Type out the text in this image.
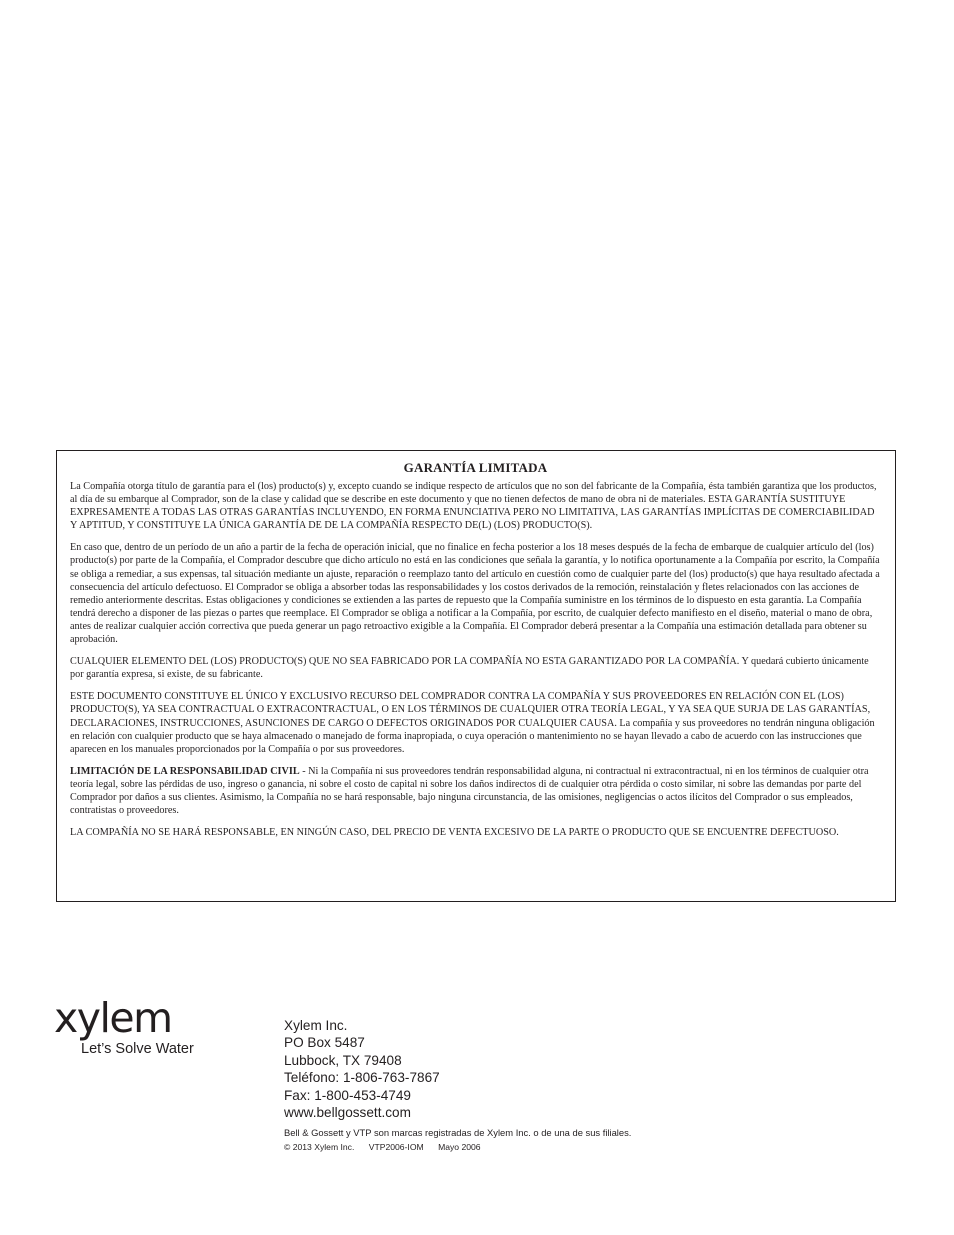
GARANTÍA LIMITADA

La Compañía otorga título de garantía para el (los) producto(s) y, excepto cuando se indique respecto de artículos que no son del fabricante de la Compañía, ésta también garantiza que los productos, al día de su embarque al Comprador, son de la clase y calidad que se describe en este documento y que no tienen defectos de mano de obra ni de materiales. ESTA GARANTÍA SUSTITUYE EXPRESAMENTE A TODAS LAS OTRAS GARANTÍAS INCLUYENDO, EN FORMA ENUNCIATIVA PERO NO LIMITATIVA, LAS GARANTÍAS IMPLÍCITAS DE COMERCIABILIDAD Y APTITUD, Y CONSTITUYE LA ÚNICA GARANTÍA DE DE LA COMPAÑÍA RESPECTO DE(L) (LOS) PRODUCTO(S).

En caso que, dentro de un período de un año a partir de la fecha de operación inicial, que no finalice en fecha posterior a los 18 meses después de la fecha de embarque de cualquier artículo del (los) producto(s) por parte de la Compañía, el Comprador descubre que dicho artículo no está en las condiciones que señala la garantía, y lo notifica oportunamente a la Compañía por escrito, la Compañía se obliga a remediar, a sus expensas, tal situación mediante un ajuste, reparación o reemplazo tanto del artículo en cuestión como de cualquier parte del (los) producto(s) que haya resultado afectada a consecuencia del artículo defectuoso. El Comprador se obliga a absorber todas las responsabilidades y los costos derivados de la remoción, reinstalación y fletes relacionados con las acciones de remedio anteriormente descritas. Estas obligaciones y condiciones se extienden a las partes de repuesto que la Compañía suministre en los términos de lo dispuesto en esta garantía. La Compañía tendrá derecho a disponer de las piezas o partes que reemplace. El Comprador se obliga a notificar a la Compañía, por escrito, de cualquier defecto manifiesto en el diseño, material o mano de obra, antes de realizar cualquier acción correctiva que pueda generar un pago retroactivo exigible a la Compañía. El Comprador deberá presentar a la Compañía una estimación detallada para obtener su aprobación.

CUALQUIER ELEMENTO DEL (LOS) PRODUCTO(S) QUE NO SEA FABRICADO POR LA COMPAÑÍA NO ESTA GARANTIZADO POR LA COMPAÑÍA. Y quedará cubierto únicamente por garantía expresa, si existe, de su fabricante.

ESTE DOCUMENTO CONSTITUYE EL ÚNICO Y EXCLUSIVO RECURSO DEL COMPRADOR CONTRA LA COMPAÑÍA Y SUS PROVEEDORES EN RELACIÓN CON EL (LOS) PRODUCTO(S), YA SEA CONTRACTUAL O EXTRACONTRACTUAL, O EN LOS TÉRMINOS DE CUALQUIER OTRA TEORÍA LEGAL, Y YA SEA QUE SURJA DE LAS GARANTÍAS, DECLARACIONES, INSTRUCCIONES, ASUNCIONES DE CARGO O DEFECTOS ORIGINADOS POR CUALQUIER CAUSA. La compañía y sus proveedores no tendrán ninguna obligación en relación con cualquier producto que se haya almacenado o manejado de forma inapropiada, o cuya operación o mantenimiento no se hayan llevado a cabo de acuerdo con las instrucciones que aparecen en los manuales proporcionados por la Compañía o por sus proveedores.

LIMITACIÓN DE LA RESPONSABILIDAD CIVIL - Ni la Compañía ni sus proveedores tendrán responsabilidad alguna, ni contractual ni extracontractual, ni en los términos de cualquier otra teoría legal, sobre las pérdidas de uso, ingreso o ganancia, ni sobre el costo de capital ni sobre los daños indirectos di de cualquier otra pérdida o costo similar, ni sobre las demandas por parte del Comprador por daños a sus clientes. Asimismo, la Compañía no se hará responsable, bajo ninguna circunstancia, de las omisiones, negligencias o actos ilícitos del Comprador o sus empleados, contratistas o proveedores.

LA COMPAÑÍA NO SE HARÁ RESPONSABLE, EN NINGÚN CASO, DEL PRECIO DE VENTA EXCESIVO DE LA PARTE O PRODUCTO QUE SE ENCUENTRE DEFECTUOSO.

xylem
Let’s Solve Water
Xylem Inc.
PO Box 5487
Lubbock, TX 79408
Teléfono: 1-806-763-7867
Fax: 1-800-453-4749
www.bellgossett.com
Bell & Gossett y VTP son marcas registradas de Xylem Inc. o de una de sus filiales.
© 2013 Xylem Inc. VTP2006-IOM Mayo 2006
